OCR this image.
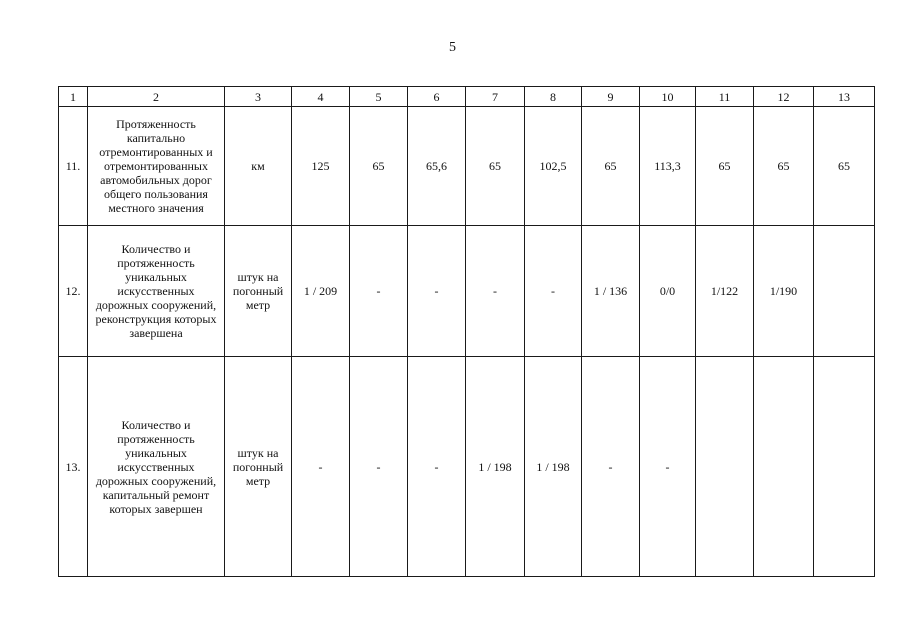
5
1	2	3	4	5	6	7	8	9	10	11	12	13
11.	Протяженность капитально отремонтированных и отремонтированных автомобильных дорог общего пользования местного значения	км	125	65	65,6	65	102,5	65	113,3	65	65	65
12.	Количество и протяженность уникальных искусственных дорожных сооружений, реконструкция которых завершена	штук на погонный метр	1 / 209	-	-	-	-	1 / 136	0/0	1/122	1/190	
13.	Количество и протяженность уникальных искусственных дорожных сооружений, капитальный ремонт которых завершен	штук на погонный метр	-	-	-	1 / 198	1 / 198	-	-			
